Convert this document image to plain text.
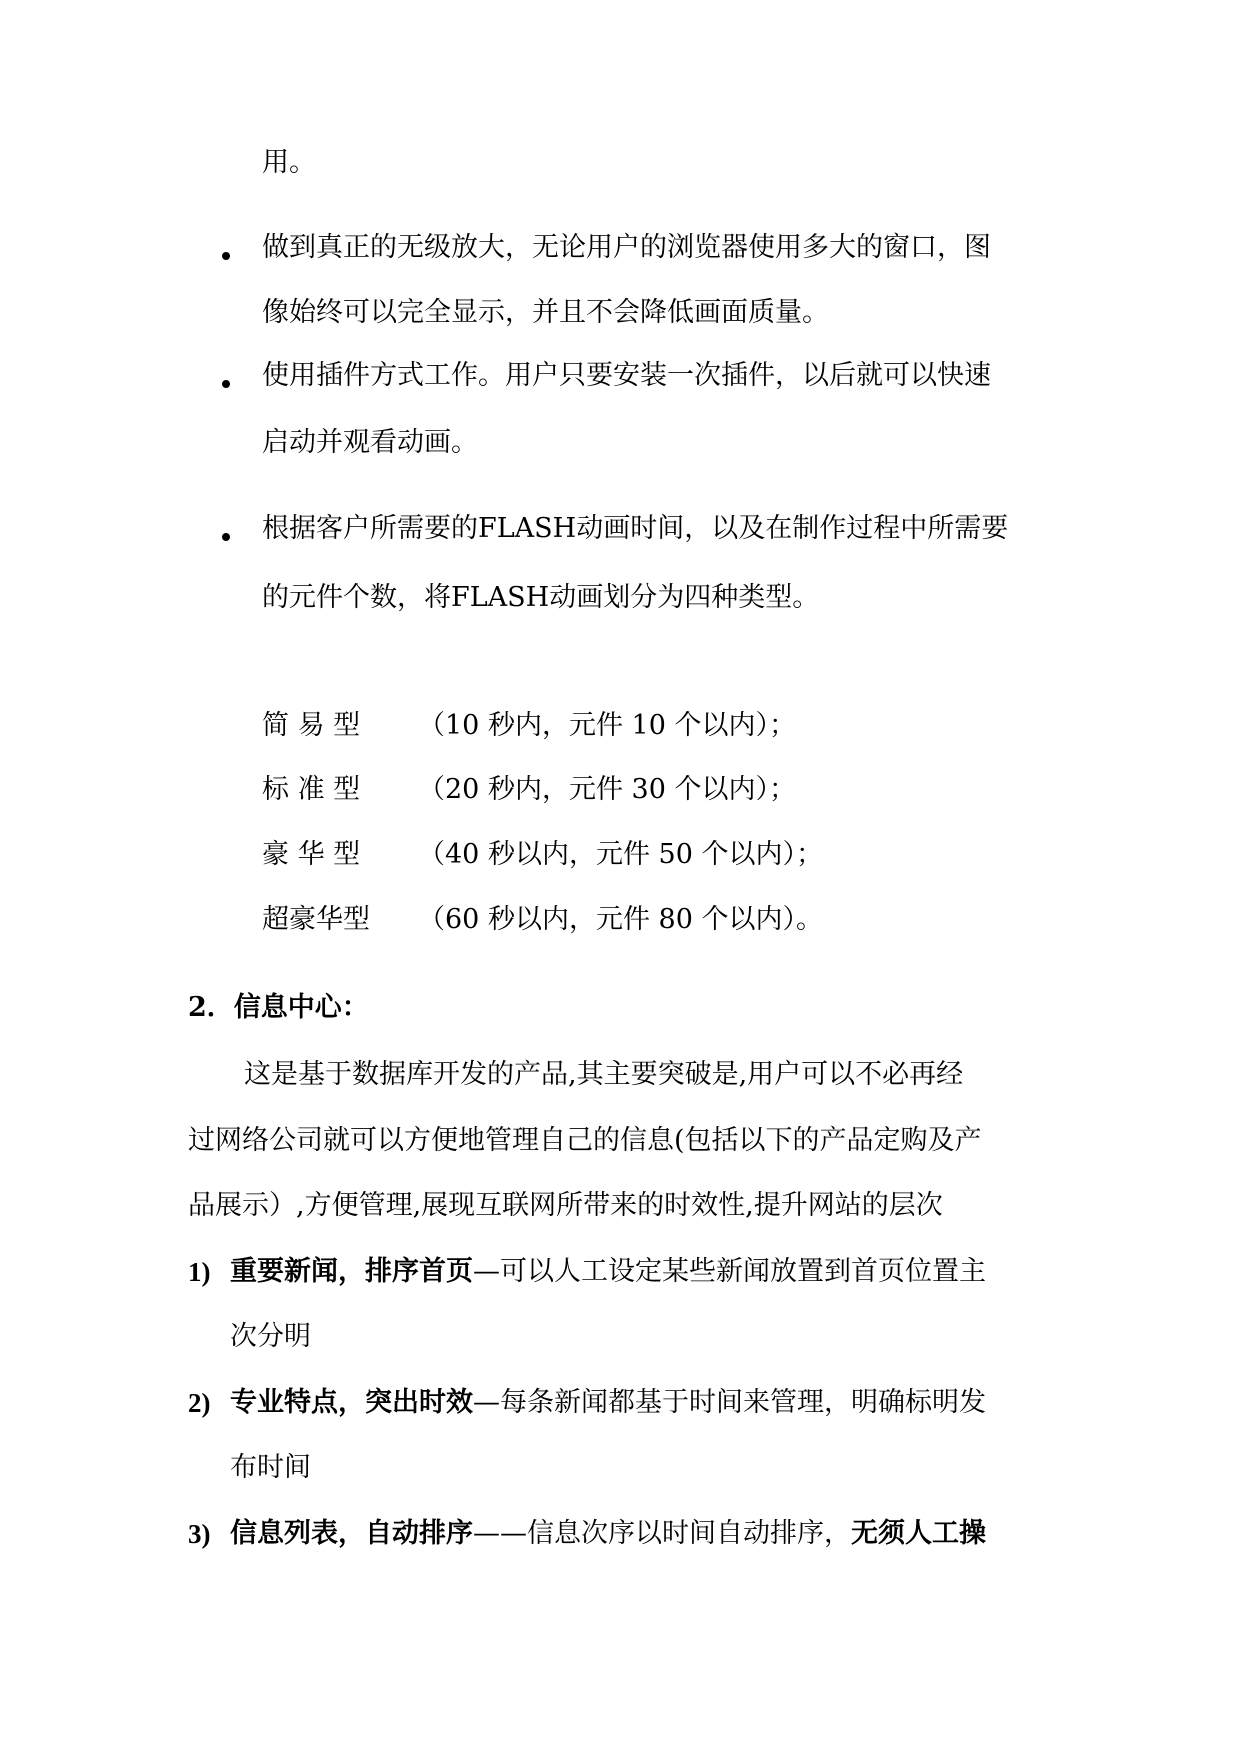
用。
做到真正的无级放大，无论用户的浏览器使用多大的窗口，图
像始终可以完全显示，并且不会降低画面质量。
使用插件方式工作。用户只要安装一次插件，以后就可以快速
启动并观看动画。
根据客户所需要的FLASH动画时间，以及在制作过程中所需要
的元件个数，将FLASH动画划分为四种类型。
简 易 型 （10 秒内，元件 10 个以内）；
标 准 型 （20 秒内，元件 30 个以内）；
豪 华 型 （40 秒以内，元件 50 个以内）；
超豪华型 （60 秒以内，元件 80 个以内）。
2．信息中心：
这是基于数据库开发的产品,其主要突破是,用户可以不必再经
过网络公司就可以方便地管理自己的信息(包括以下的产品定购及产
品展示）,方便管理,展现互联网所带来的时效性,提升网站的层次
1) 重要新闻，排序首页—可以人工设定某些新闻放置到首页位置主
次分明
2) 专业特点，突出时效—每条新闻都基于时间来管理，明确标明发
布时间
3) 信息列表，自动排序——信息次序以时间自动排序，无须人工操
